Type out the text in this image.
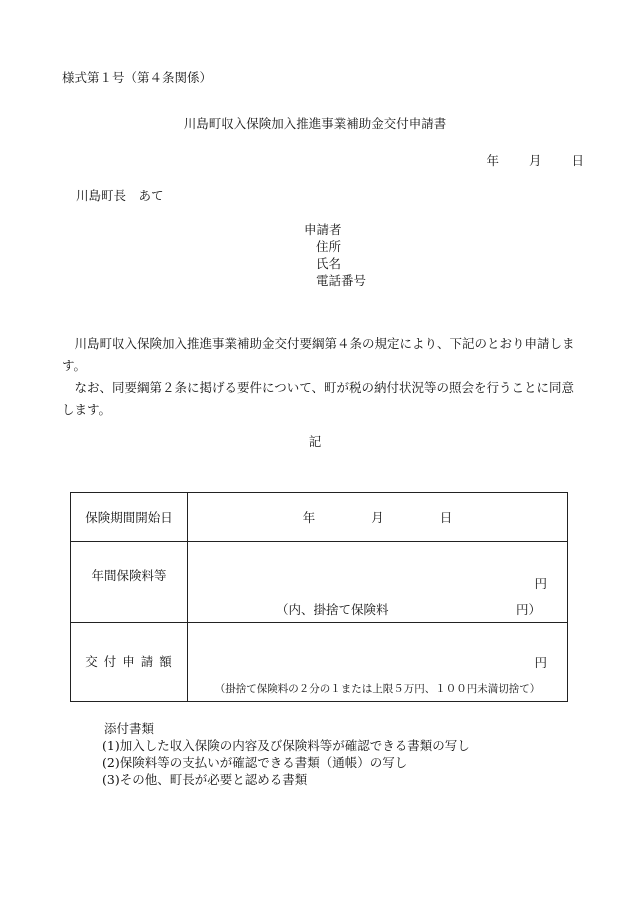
様式第１号（第４条関係）
川島町収入保険加入推進事業補助金交付申請書
年 月 日
川島町長　あて
申請者
住所
氏名
電話番号

川島町収入保険加入推進事業補助金交付要綱第４条の規定により、下記のとおり申請します。

なお、同要綱第２条に掲げる要件について、町が税の納付状況等の照会を行うことに同意します。

記
保険期間開始日	年 月 日

年間保険料等	円
（内、掛捨て保険料 円）

交 付 申 請 額	円
（掛捨て保険料の２分の１または上限５万円、１００円未満切捨て）
添付書類
(1)加入した収入保険の内容及び保険料等が確認できる書類の写し
(2)保険料等の支払いが確認できる書類（通帳）の写し
(3)その他、町長が必要と認める書類
